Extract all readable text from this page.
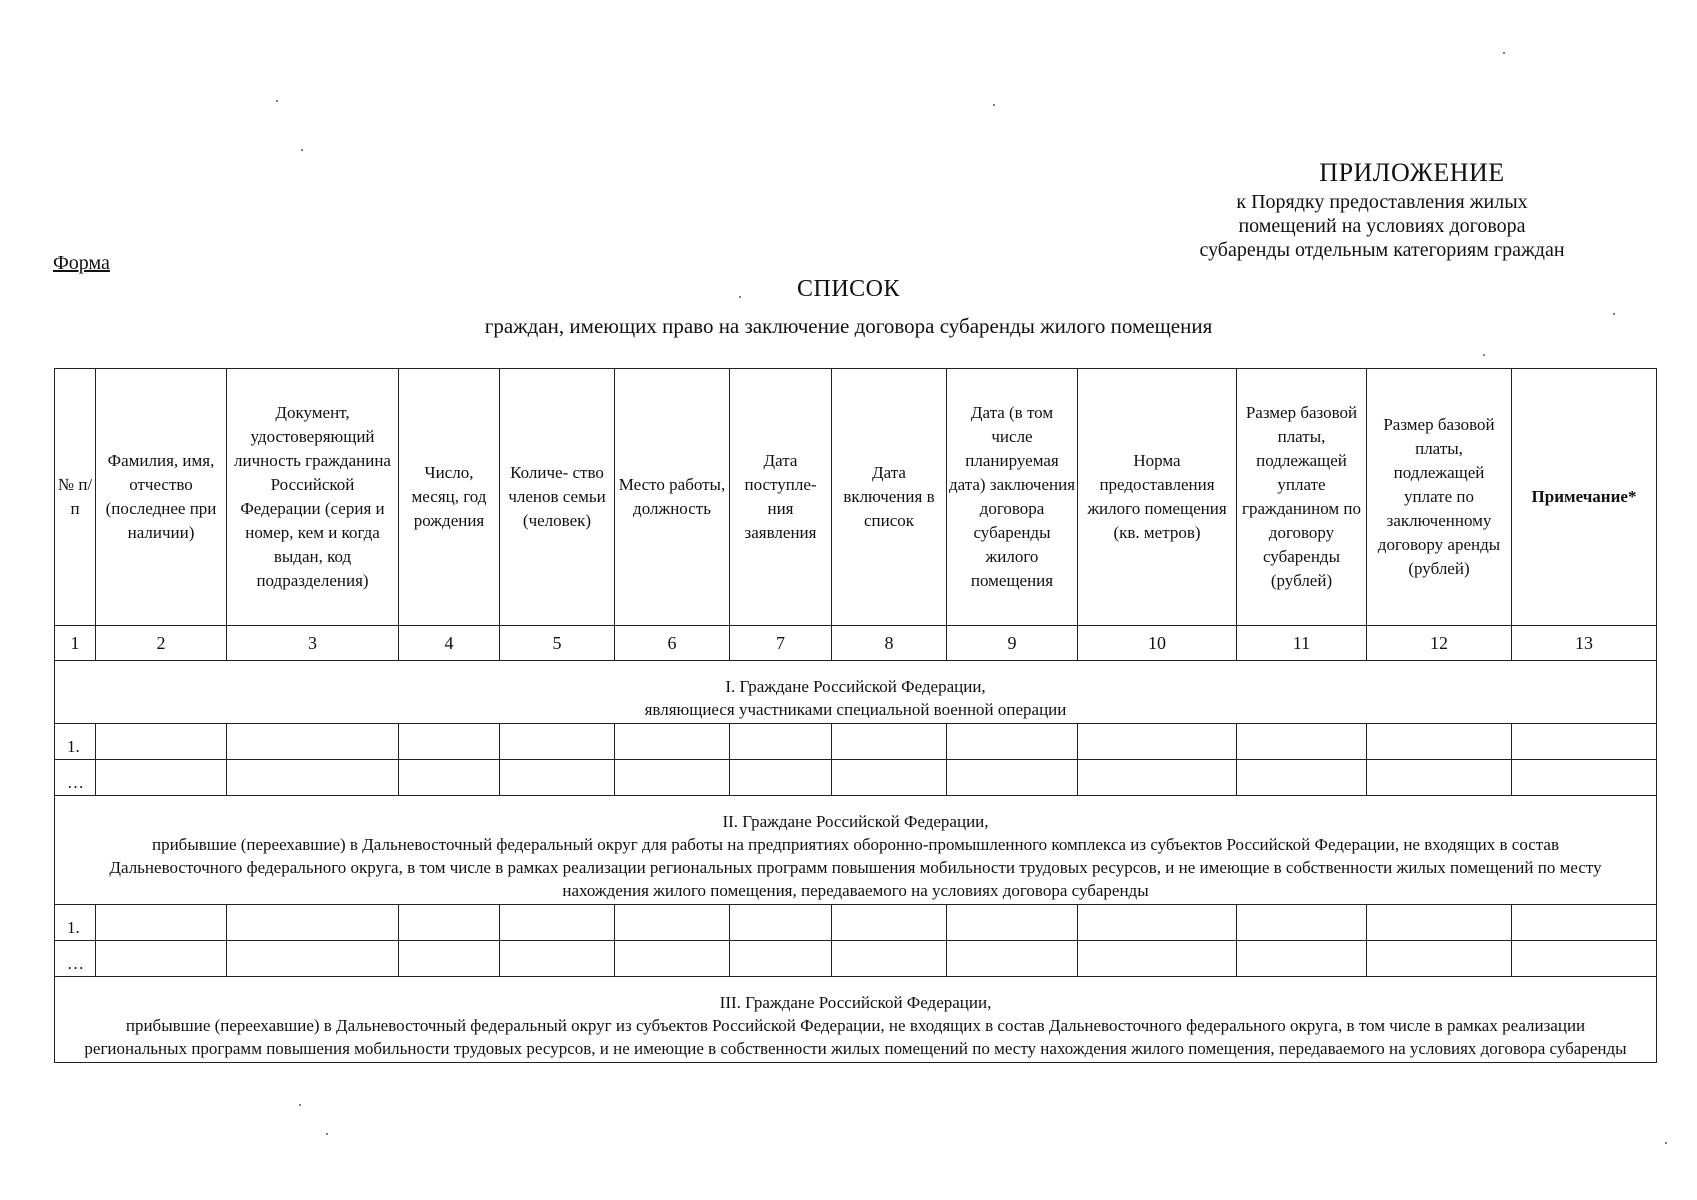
ПРИЛОЖЕНИЕ
к Порядку предоставления жилых
помещений на условиях договора
субаренды отдельным категориям граждан
Форма
СПИСОК
граждан, имеющих право на заключение договора субаренды жилого помещения
№ п/п	Фамилия, имя, отчество (последнее при наличии)	Документ, удостоверяющий личность гражданина Российской Федерации (серия и номер, кем и когда выдан, код подразделения)	Число, месяц, год рождения	Количе- ство членов семьи (человек)	Место работы, должность	Дата поступле- ния заявления	Дата включения в список	Дата (в том числе планируемая дата) заключения договора субаренды жилого помещения	Норма предоставления жилого помещения (кв. метров)	Размер базовой платы, подлежащей уплате гражданином по договору субаренды (рублей)	Размер базовой платы, подлежащей уплате по заключенному договору аренды (рублей)	Примечание*
1	2	3	4	5	6	7	8	9	10	11	12	13

I. Граждане Российской Федерации,
являющиеся участниками специальной военной операции												

1.												
…												

II. Граждане Российской Федерации,
прибывшие (переехавшие) в Дальневосточный федеральный округ для работы на предприятиях оборонно-промышленного комплекса из субъектов Российской Федерации, не входящих в состав Дальневосточного федерального округа, в том числе в рамках реализации региональных программ повышения мобильности трудовых ресурсов, и не имеющие в собственности жилых помещений по месту нахождения жилого помещения, передаваемого на условиях договора субаренды												

1.												
…												

III. Граждане Российской Федерации,
прибывшие (переехавшие) в Дальневосточный федеральный округ из субъектов Российской Федерации, не входящих в состав Дальневосточного федерального округа, в том числе в рамках реализации региональных программ повышения мобильности трудовых ресурсов, и не имеющие в собственности жилых помещений по месту нахождения жилого помещения, передаваемого на условиях договора субаренды												
